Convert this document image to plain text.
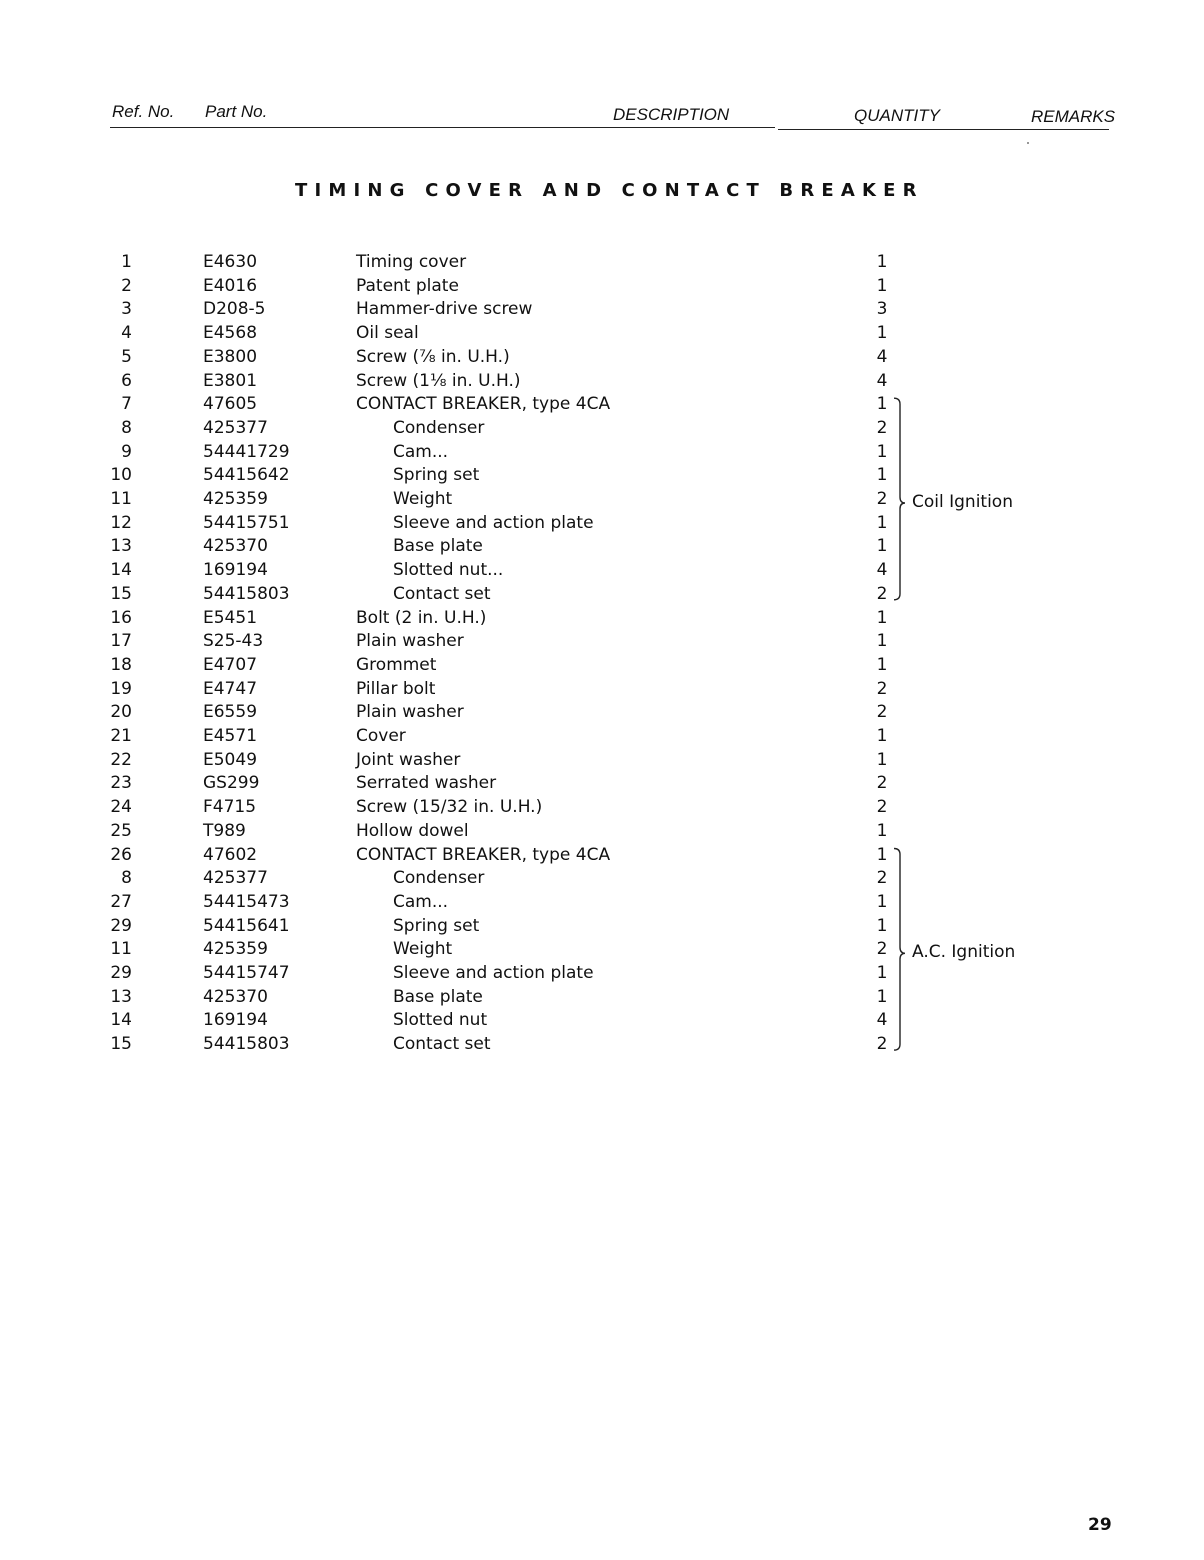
Ref. No. Part No.	DESCRIPTION	QUANTITY	REMARKS
TIMING COVER AND CONTACT BREAKER
1	E4630	Timing cover	1
2	E4016	Patent plate	1
3	D208-5	Hammer-drive screw	3
4	E4568	Oil seal	1
5	E3800	Screw (⅞ in. U.H.)	4
6	E3801	Screw (1⅛ in. U.H.)	4
7	47605	CONTACT BREAKER, type 4CA	1
8	425377	Condenser	2
9	54441729	Cam...	1
10	54415642	Spring set	1
11	425359	Weight	2
12	54415751	Sleeve and action plate	1
13	425370	Base plate	1
14	169194	Slotted nut...	4
15	54415803	Contact set	2
16	E5451	Bolt (2 in. U.H.)	1
17	S25-43	Plain washer	1
18	E4707	Grommet	1
19	E4747	Pillar bolt	2
20	E6559	Plain washer	2
21	E4571	Cover	1
22	E5049	Joint washer	1
23	GS299	Serrated washer	2
24	F4715	Screw (15/32 in. U.H.)	2
25	T989	Hollow dowel	1
26	47602	CONTACT BREAKER, type 4CA	1
8	425377	Condenser	2
27	54415473	Cam...	1
29	54415641	Spring set	1
11	425359	Weight	2
29	54415747	Sleeve and action plate	1
13	425370	Base plate	1
14	169194	Slotted nut	4
15	54415803	Contact set	2
29
Coil Ignition
A.C. Ignition
